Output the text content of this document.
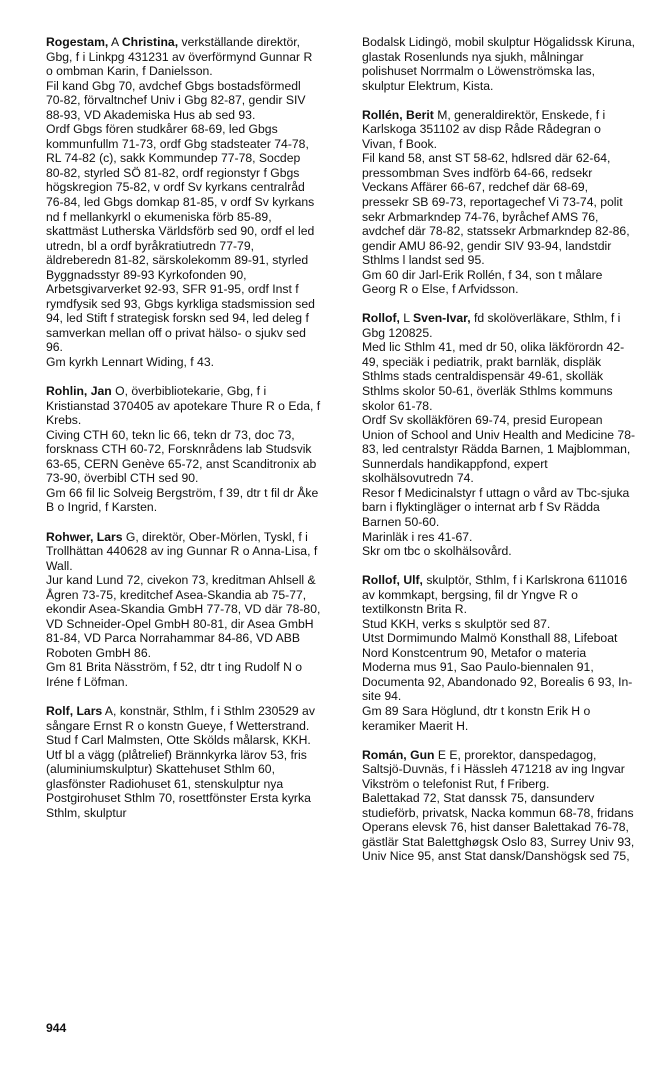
Rogestam, A Christina, verkställande direktör, Gbg, f i Linkpg 431231 av överförmynd Gunnar R o ombman Karin, f Danielsson.

Fil kand Gbg 70, avdchef Gbgs bostadsförmedl 70-82, förvaltnchef Univ i Gbg 82-87, gendir SIV 88-93, VD Akademiska Hus ab sed 93.

Ordf Gbgs fören studkårer 68-69, led Gbgs kommunfullm 71-73, ordf Gbg stadsteater 74-78, RL 74-82 (c), sakk Kommundep 77-78, Socdep 80-82, styrled SÖ 81-82, ordf regionstyr f Gbgs högskregion 75-82, v ordf Sv kyrkans centralråd 76-84, led Gbgs domkap 81-85, v ordf Sv kyrkans nd f mellankyrkl o ekumeniska förb 85-89, skattmäst Lutherska Världsförb sed 90, ordf el led utredn, bl a ordf byråkratiutredn 77-79, äldreberedn 81-82, särskolekomm 89-91, styrled Byggnadsstyr 89-93 Kyrkofonden 90, Arbetsgivarverket 92-93, SFR 91-95, ordf Inst f rymdfysik sed 93, Gbgs kyrkliga stadsmission sed 94, led Stift f strategisk forskn sed 94, led deleg f samverkan mellan off o privat hälso- o sjukv sed 96.

Gm kyrkh Lennart Widing, f 43.

Rohlin, Jan O, överbibliotekarie, Gbg, f i Kristianstad 370405 av apotekare Thure R o Eda, f Krebs.

Civing CTH 60, tekn lic 66, tekn dr 73, doc 73, forsknass CTH 60-72, Forsknrådens lab Studsvik 63-65, CERN Genève 65-72, anst Scanditronix ab 73-90, överbibl CTH sed 90.

Gm 66 fil lic Solveig Bergström, f 39, dtr t fil dr Åke B o Ingrid, f Karsten.

Rohwer, Lars G, direktör, Ober-Mörlen, Tyskl, f i Trollhättan 440628 av ing Gunnar R o Anna-Lisa, f Wall.

Jur kand Lund 72, civekon 73, kreditman Ahlsell & Ågren 73-75, kreditchef Asea-Skandia ab 75-77, ekondir Asea-Skandia GmbH 77-78, VD där 78-80, VD Schneider-Opel GmbH 80-81, dir Asea GmbH 81-84, VD Parca Norrahammar 84-86, VD ABB Roboten GmbH 86.

Gm 81 Brita Näsström, f 52, dtr t ing Rudolf N o Iréne f Löfman.

Rolf, Lars A, konstnär, Sthlm, f i Sthlm 230529 av sångare Ernst R o konstn Gueye, f Wetterstrand.

Stud f Carl Malmsten, Otte Skölds målarsk, KKH.

Utf bl a vägg (plåtrelief) Brännkyrka lärov 53, fris (aluminiumskulptur) Skattehuset Sthlm 60, glasfönster Radiohuset 61, stenskulptur nya Postgirohuset Sthlm 70, rosettfönster Ersta kyrka Sthlm, skulptur

Bodalsk Lidingö, mobil skulptur Högalidssk Kiruna, glastak Rosenlunds nya sjukh, målningar polishuset Norrmalm o Löwenströmska las, skulptur Elektrum, Kista.

Rollén, Berit M, generaldirektör, Enskede, f i Karlskoga 351102 av disp Råde Rådegran o Vivan, f Book.

Fil kand 58, anst ST 58-62, hdlsred där 62-64, pressombman Sves indförb 64-66, redsekr Veckans Affärer 66-67, redchef där 68-69, pressekr SB 69-73, reportagechef Vi 73-74, polit sekr Arbmarkndep 74-76, byråchef AMS 76, avdchef där 78-82, statssekr Arbmarkndep 82-86, gendir AMU 86-92, gendir SIV 93-94, landstdir Sthlms l landst sed 95.

Gm 60 dir Jarl-Erik Rollén, f 34, son t målare Georg R o Else, f Arfvidsson.

Rollof, L Sven-Ivar, fd skolöverläkare, Sthlm, f i Gbg 120825.

Med lic Sthlm 41, med dr 50, olika läkförordn 42-49, speciäk i pediatrik, prakt barnläk, displäk Sthlms stads centraldispensär 49-61, skolläk Sthlms skolor 50-61, överläk Sthlms kommuns skolor 61-78.

Ordf Sv skolläkfören 69-74, presid European Union of School and Univ Health and Medicine 78-83, led centralstyr Rädda Barnen, 1 Majblomman, Sunnerdals handikappfond, expert skolhälsovutredn 74.

Resor f Medicinalstyr f uttagn o vård av Tbc-sjuka barn i flyktingläger o internat arb f Sv Rädda Barnen 50-60.

Marinläk i res 41-67.

Skr om tbc o skolhälsovård.

Rollof, Ulf, skulptör, Sthlm, f i Karlskrona 611016 av kommkapt, bergsing, fil dr Yngve R o textilkonstn Brita R.

Stud KKH, verks s skulptör sed 87.

Utst Dormimundo Malmö Konsthall 88, Lifeboat Nord Konstcentrum 90, Metafor o materia Moderna mus 91, Sao Paulo-biennalen 91, Documenta 92, Abandonado 92, Borealis 6 93, In-site 94.

Gm 89 Sara Höglund, dtr t konstn Erik H o keramiker Maerit H.

Román, Gun E E, prorektor, danspedagog, Saltsjö-Duvnäs, f i Hässleh 471218 av ing Ingvar Vikström o telefonist Rut, f Friberg.

Balettakad 72, Stat danssk 75, dansunderv studieförb, privatsk, Nacka kommun 68-78, fridans Operans elevsk 76, hist danser Balettakad 76-78, gästlär Stat Balettghøgsk Oslo 83, Surrey Univ 93, Univ Nice 95, anst Stat dansk/Danshögsk sed 75,

944
